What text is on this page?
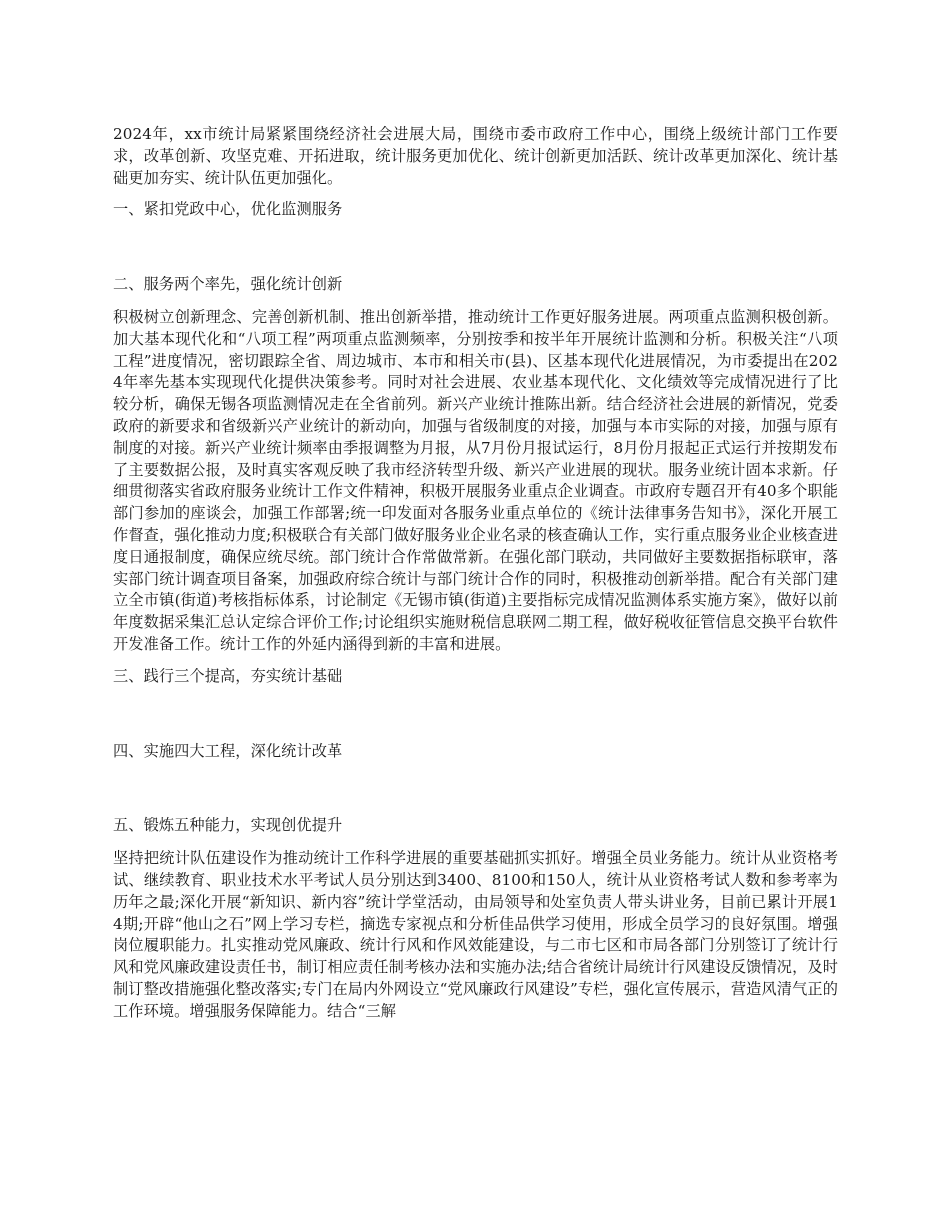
2024年，xx市统计局紧紧围绕经济社会进展大局，围绕市委市政府工作中心，围绕上级统计部门工作要求，改革创新、攻坚克难、开拓进取，统计服务更加优化、统计创新更加活跃、统计改革更加深化、统计基础更加夯实、统计队伍更加强化。

一、紧扣党政中心，优化监测服务

二、服务两个率先，强化统计创新

积极树立创新理念、完善创新机制、推出创新举措，推动统计工作更好服务进展。两项重点监测积极创新。加大基本现代化和“八项工程”两项重点监测频率，分别按季和按半年开展统计监测和分析。积极关注“八项工程”进度情况，密切跟踪全省、周边城市、本市和相关市(县)、区基本现代化进展情况，为市委提出在2024年率先基本实现现代化提供决策参考。同时对社会进展、农业基本现代化、文化绩效等完成情况进行了比较分析，确保无锡各项监测情况走在全省前列。新兴产业统计推陈出新。结合经济社会进展的新情况，党委政府的新要求和省级新兴产业统计的新动向，加强与省级制度的对接，加强与本市实际的对接，加强与原有制度的对接。新兴产业统计频率由季报调整为月报，从7月份月报试运行，8月份月报起正式运行并按期发布了主要数据公报，及时真实客观反映了我市经济转型升级、新兴产业进展的现状。服务业统计固本求新。仔细贯彻落实省政府服务业统计工作文件精神，积极开展服务业重点企业调查。市政府专题召开有40多个职能部门参加的座谈会，加强工作部署;统一印发面对各服务业重点单位的《统计法律事务告知书》，深化开展工作督查，强化推动力度;积极联合有关部门做好服务业企业名录的核查确认工作，实行重点服务业企业核查进度日通报制度，确保应统尽统。部门统计合作常做常新。在强化部门联动，共同做好主要数据指标联审，落实部门统计调查项目备案，加强政府综合统计与部门统计合作的同时，积极推动创新举措。配合有关部门建立全市镇(街道)考核指标体系，讨论制定《无锡市镇(街道)主要指标完成情况监测体系实施方案》，做好以前年度数据采集汇总认定综合评价工作;讨论组织实施财税信息联网二期工程，做好税收征管信息交换平台软件开发准备工作。统计工作的外延内涵得到新的丰富和进展。

三、践行三个提高，夯实统计基础

四、实施四大工程，深化统计改革

五、锻炼五种能力，实现创优提升

坚持把统计队伍建设作为推动统计工作科学进展的重要基础抓实抓好。增强全员业务能力。统计从业资格考试、继续教育、职业技术水平考试人员分别达到3400、8100和150人，统计从业资格考试人数和参考率为历年之最;深化开展“新知识、新内容”统计学堂活动，由局领导和处室负责人带头讲业务，目前已累计开展14期;开辟“他山之石”网上学习专栏，摘选专家视点和分析佳品供学习使用，形成全员学习的良好氛围。增强岗位履职能力。扎实推动党风廉政、统计行风和作风效能建设，与二市七区和市局各部门分别签订了统计行风和党风廉政建设责任书，制订相应责任制考核办法和实施办法;结合省统计局统计行风建设反馈情况，及时制订整改措施强化整改落实;专门在局内外网设立“党风廉政行风建设”专栏，强化宣传展示，营造风清气正的工作环境。增强服务保障能力。结合“三解
